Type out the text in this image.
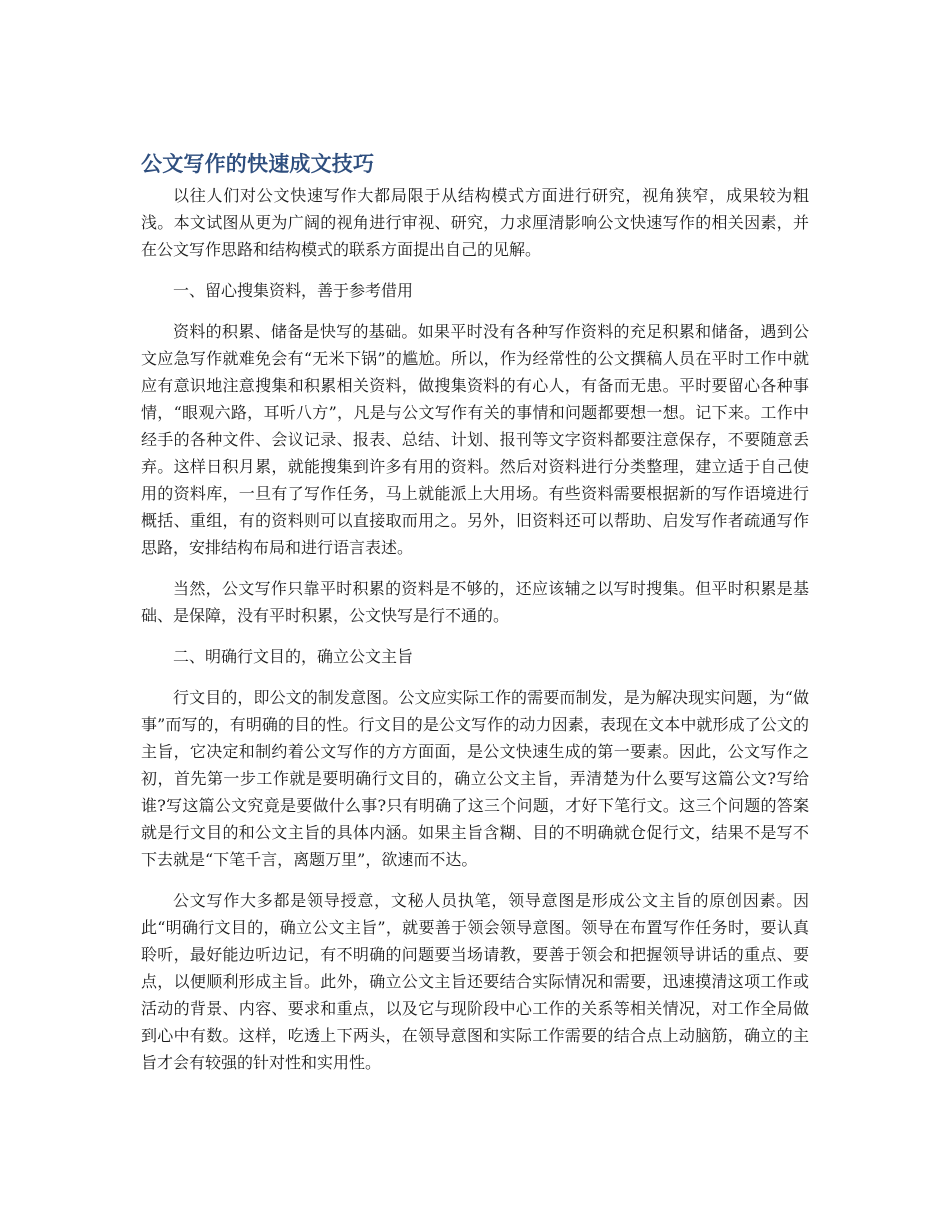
公文写作的快速成文技巧

以往人们对公文快速写作大都局限于从结构模式方面进行研究，视角狭窄，成果较为粗浅。本文试图从更为广阔的视角进行审视、研究，力求厘清影响公文快速写作的相关因素，并在公文写作思路和结构模式的联系方面提出自己的见解。

一、留心搜集资料，善于参考借用

资料的积累、储备是快写的基础。如果平时没有各种写作资料的充足积累和储备，遇到公文应急写作就难免会有“无米下锅”的尴尬。所以，作为经常性的公文撰稿人员在平时工作中就应有意识地注意搜集和积累相关资料，做搜集资料的有心人，有备而无患。平时要留心各种事情，“眼观六路，耳听八方”，凡是与公文写作有关的事情和问题都要想一想。记下来。工作中经手的各种文件、会议记录、报表、总结、计划、报刊等文字资料都要注意保存，不要随意丢弃。这样日积月累，就能搜集到许多有用的资料。然后对资料进行分类整理，建立适于自己使用的资料库，一旦有了写作任务，马上就能派上大用场。有些资料需要根据新的写作语境进行概括、重组，有的资料则可以直接取而用之。另外，旧资料还可以帮助、启发写作者疏通写作思路，安排结构布局和进行语言表述。

当然，公文写作只靠平时积累的资料是不够的，还应该辅之以写时搜集。但平时积累是基础、是保障，没有平时积累，公文快写是行不通的。

二、明确行文目的，确立公文主旨

行文目的，即公文的制发意图。公文应实际工作的需要而制发，是为解决现实问题，为“做事”而写的，有明确的目的性。行文目的是公文写作的动力因素，表现在文本中就形成了公文的主旨，它决定和制约着公文写作的方方面面，是公文快速生成的第一要素。因此，公文写作之初，首先第一步工作就是要明确行文目的，确立公文主旨，弄清楚为什么要写这篇公文?写给谁?写这篇公文究竟是要做什么事?只有明确了这三个问题，才好下笔行文。这三个问题的答案就是行文目的和公文主旨的具体内涵。如果主旨含糊、目的不明确就仓促行文，结果不是写不下去就是“下笔千言，离题万里”，欲速而不达。

公文写作大多都是领导授意，文秘人员执笔，领导意图是形成公文主旨的原创因素。因此“明确行文目的，确立公文主旨”，就要善于领会领导意图。领导在布置写作任务时，要认真聆听，最好能边听边记，有不明确的问题要当场请教，要善于领会和把握领导讲话的重点、要点，以便顺利形成主旨。此外，确立公文主旨还要结合实际情况和需要，迅速摸清这项工作或活动的背景、内容、要求和重点，以及它与现阶段中心工作的关系等相关情况，对工作全局做到心中有数。这样，吃透上下两头，在领导意图和实际工作需要的结合点上动脑筋，确立的主旨才会有较强的针对性和实用性。
